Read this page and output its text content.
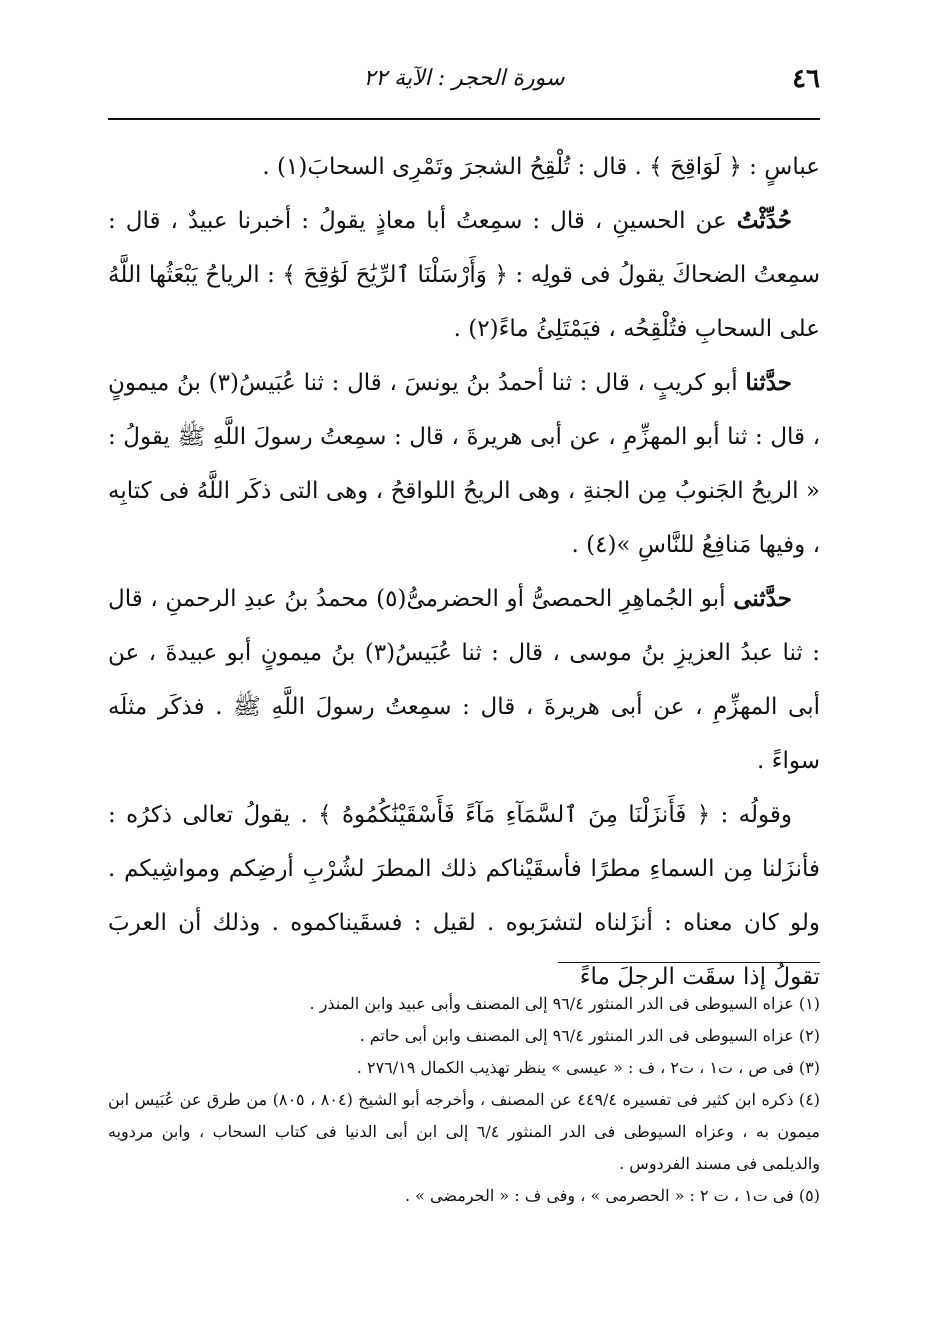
٤٦
سورة الحجر : الآية ٢٢

عباسٍ : ﴿ لَوَاقِحَ ﴾ . قال : تُلْقِحُ الشجرَ وتَمْرِى السحابَ(١) .

حُدِّثْتُ عن الحسينِ ، قال : سمِعتُ أبا معاذٍ يقولُ : أخبرنا عبيدٌ ، قال : سمِعتُ الضحاكَ يقولُ فى قولِه : ﴿ وَأَرْسَلْنَا ٱلرِّيَٰحَ لَوَٰقِحَ ﴾ : الرياحُ يَبْعَثُها اللَّهُ على السحابِ فتُلْقِحُه ، فيَمْتَلِئُ ماءً(٢) .

حدَّثنا أبو كريبٍ ، قال : ثنا أحمدُ بنُ يونسَ ، قال : ثنا عُبَيسُ(٣) بنُ ميمونٍ ، قال : ثنا أبو المهزِّمِ ، عن أبى هريرةَ ، قال : سمِعتُ رسولَ اللَّهِ ﷺ يقولُ : « الريحُ الجَنوبُ مِن الجنةِ ، وهى الريحُ اللواقحُ ، وهى التى ذكَر اللَّهُ فى كتابِه ، وفيها مَنافِعُ للنَّاسِ »(٤) .

حدَّثنى أبو الجُماهِرِ الحمصىُّ أو الحضرمىُّ(٥) محمدُ بنُ عبدِ الرحمنِ ، قال : ثنا عبدُ العزيزِ بنُ موسى ، قال : ثنا عُبَيسُ(٣) بنُ ميمونٍ أبو عبيدةَ ، عن أبى المهزِّمِ ، عن أبى هريرةَ ، قال : سمِعتُ رسولَ اللَّهِ ﷺ . فذكَر مثلَه سواءً .

وقولُه : ﴿ فَأَنزَلْنَا مِنَ ٱلسَّمَآءِ مَآءً فَأَسْقَيْنَٰكُمُوهُ ﴾ . يقولُ تعالى ذكرُه : فأنزَلنا مِن السماءِ مطرًا فأسقَيْناكم ذلك المطرَ لشُرْبِ أرضِكم ومواشِيكم . ولو كان معناه : أنزَلناه لتشرَبوه . لقيل : فسقَيناكموه . وذلك أن العربَ تقولُ إذا سقَت الرجلَ ماءً

(١) عزاه السيوطى فى الدر المنثور ٩٦/٤ إلى المصنف وأبى عبيد وابن المنذر .

(٢) عزاه السيوطى فى الدر المنثور ٩٦/٤ إلى المصنف وابن أبى حاتم .

(٣) فى ص ، ت١ ، ت٢ ، ف : « عيسى » ينظر تهذيب الكمال ٢٧٦/١٩ .

(٤) ذكره ابن كثير فى تفسيره ٤٤٩/٤ عن المصنف ، وأخرجه أبو الشيخ (٨٠٤ ، ٨٠٥) من طرق عن عُبَيس ابن ميمون به ، وعزاه السيوطى فى الدر المنثور ٦/٤ إلى ابن أبى الدنيا فى كتاب السحاب ، وابن مردويه والديلمى فى مسند الفردوس .

(٥) فى ت١ ، ت ٢ : « الحصرمى » ، وفى ف : « الحرمضى » .
